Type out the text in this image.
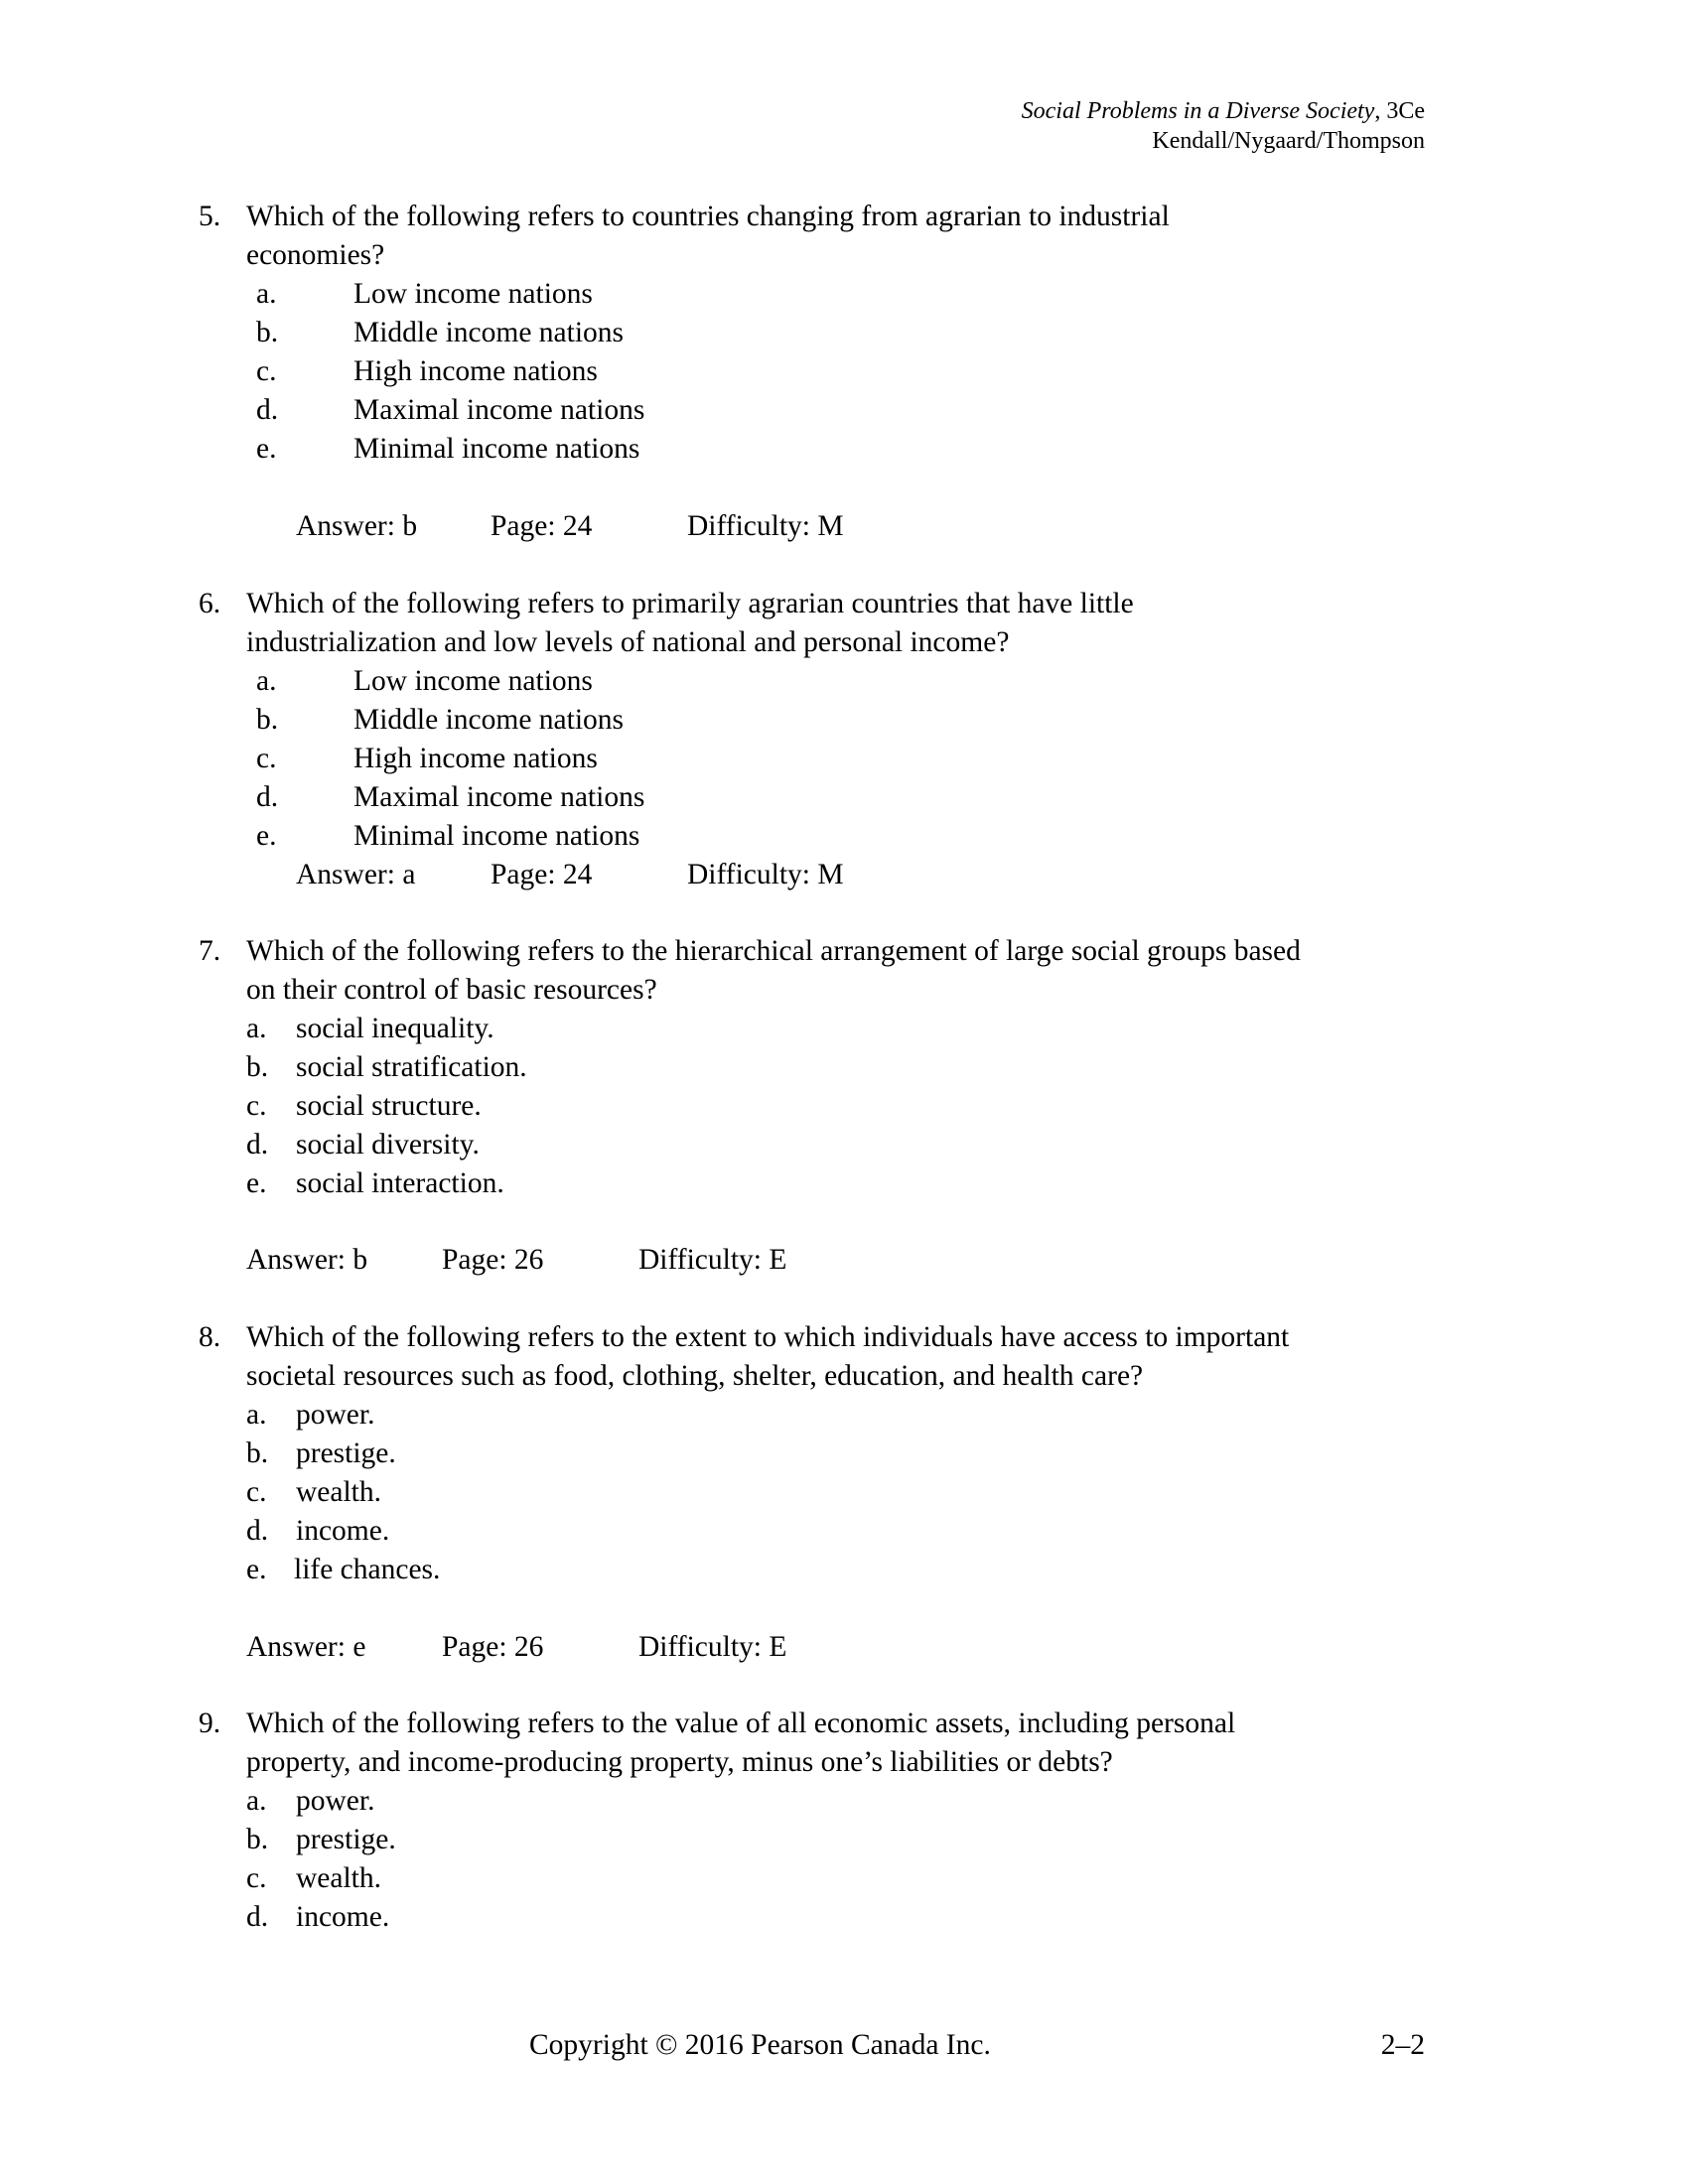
Social Problems in a Diverse Society, 3Ce
Kendall/Nygaard/Thompson
5. Which of the following refers to countries changing from agrarian to industrial
economies?
a.	Low income nations
b.	Middle income nations
c.	High income nations
d.	Maximal income nations
e.	Minimal income nations
Answer: b	Page: 24	Difficulty: M
6. Which of the following refers to primarily agrarian countries that have little
industrialization and low levels of national and personal income?
a.	Low income nations
b.	Middle income nations
c.	High income nations
d.	Maximal income nations
e.	Minimal income nations
Answer: a	Page: 24	Difficulty: M
7. Which of the following refers to the hierarchical arrangement of large social groups based
on their control of basic resources?
a. social inequality.
b. social stratification.
c. social structure.
d. social diversity.
e. social interaction.
Answer: b	Page: 26	Difficulty: E
8. Which of the following refers to the extent to which individuals have access to important
societal resources such as food, clothing, shelter, education, and health care?
a. power.
b. prestige.
c. wealth.
d. income.
e. life chances.
Answer: e	Page: 26	Difficulty: E
9. Which of the following refers to the value of all economic assets, including personal
property, and income-producing property, minus one’s liabilities or debts?
a. power.
b. prestige.
c. wealth.
d. income.
Copyright © 2016 Pearson Canada Inc.	2–2
